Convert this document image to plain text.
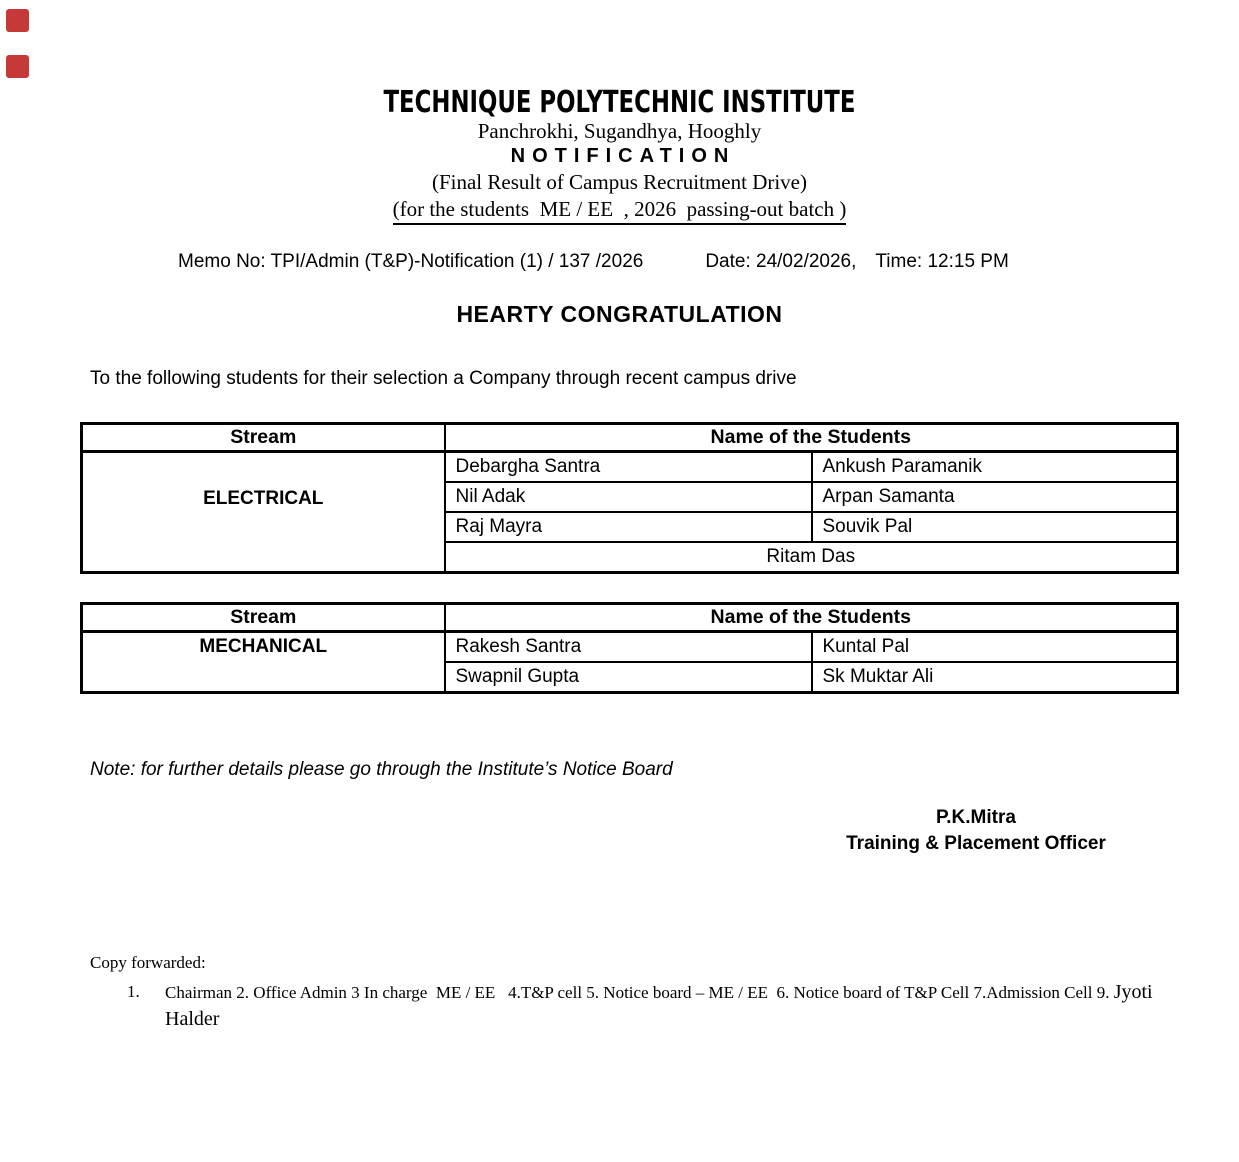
TECHNIQUE POLYTECHNIC INSTITUTE
Panchrokhi, Sugandhya, Hooghly
NOTIFICATION
(Final Result of Campus Recruitment Drive)
(for the students  ME / EE  , 2026  passing-out batch )
Memo No: TPI/Admin (T&P)-Notification (1) / 137 /2026	Date: 24/02/2026, Time: 12:15 PM
HEARTY CONGRATULATION
To the following students for their selection a Company through recent campus drive
Stream	Name of the Students	
ELECTRICAL	Debargha Santra	Ankush Paramanik
	Nil Adak	Arpan Samanta
	Raj Mayra	Souvik Pal
	Ritam Das	
Stream	Name of the Students	
MECHANICAL	Rakesh Santra	Kuntal Pal
	Swapnil Gupta	Sk Muktar Ali
Note: for further details please go through the Institute’s Notice Board
P.K.Mitra
Training & Placement Officer
Copy forwarded:
1.	Chairman 2. Office Admin 3 In charge  ME / EE   4.T&P cell 5. Notice board – ME / EE  6. Notice board of T&P Cell 7.Admission Cell 9. Jyoti Halder
